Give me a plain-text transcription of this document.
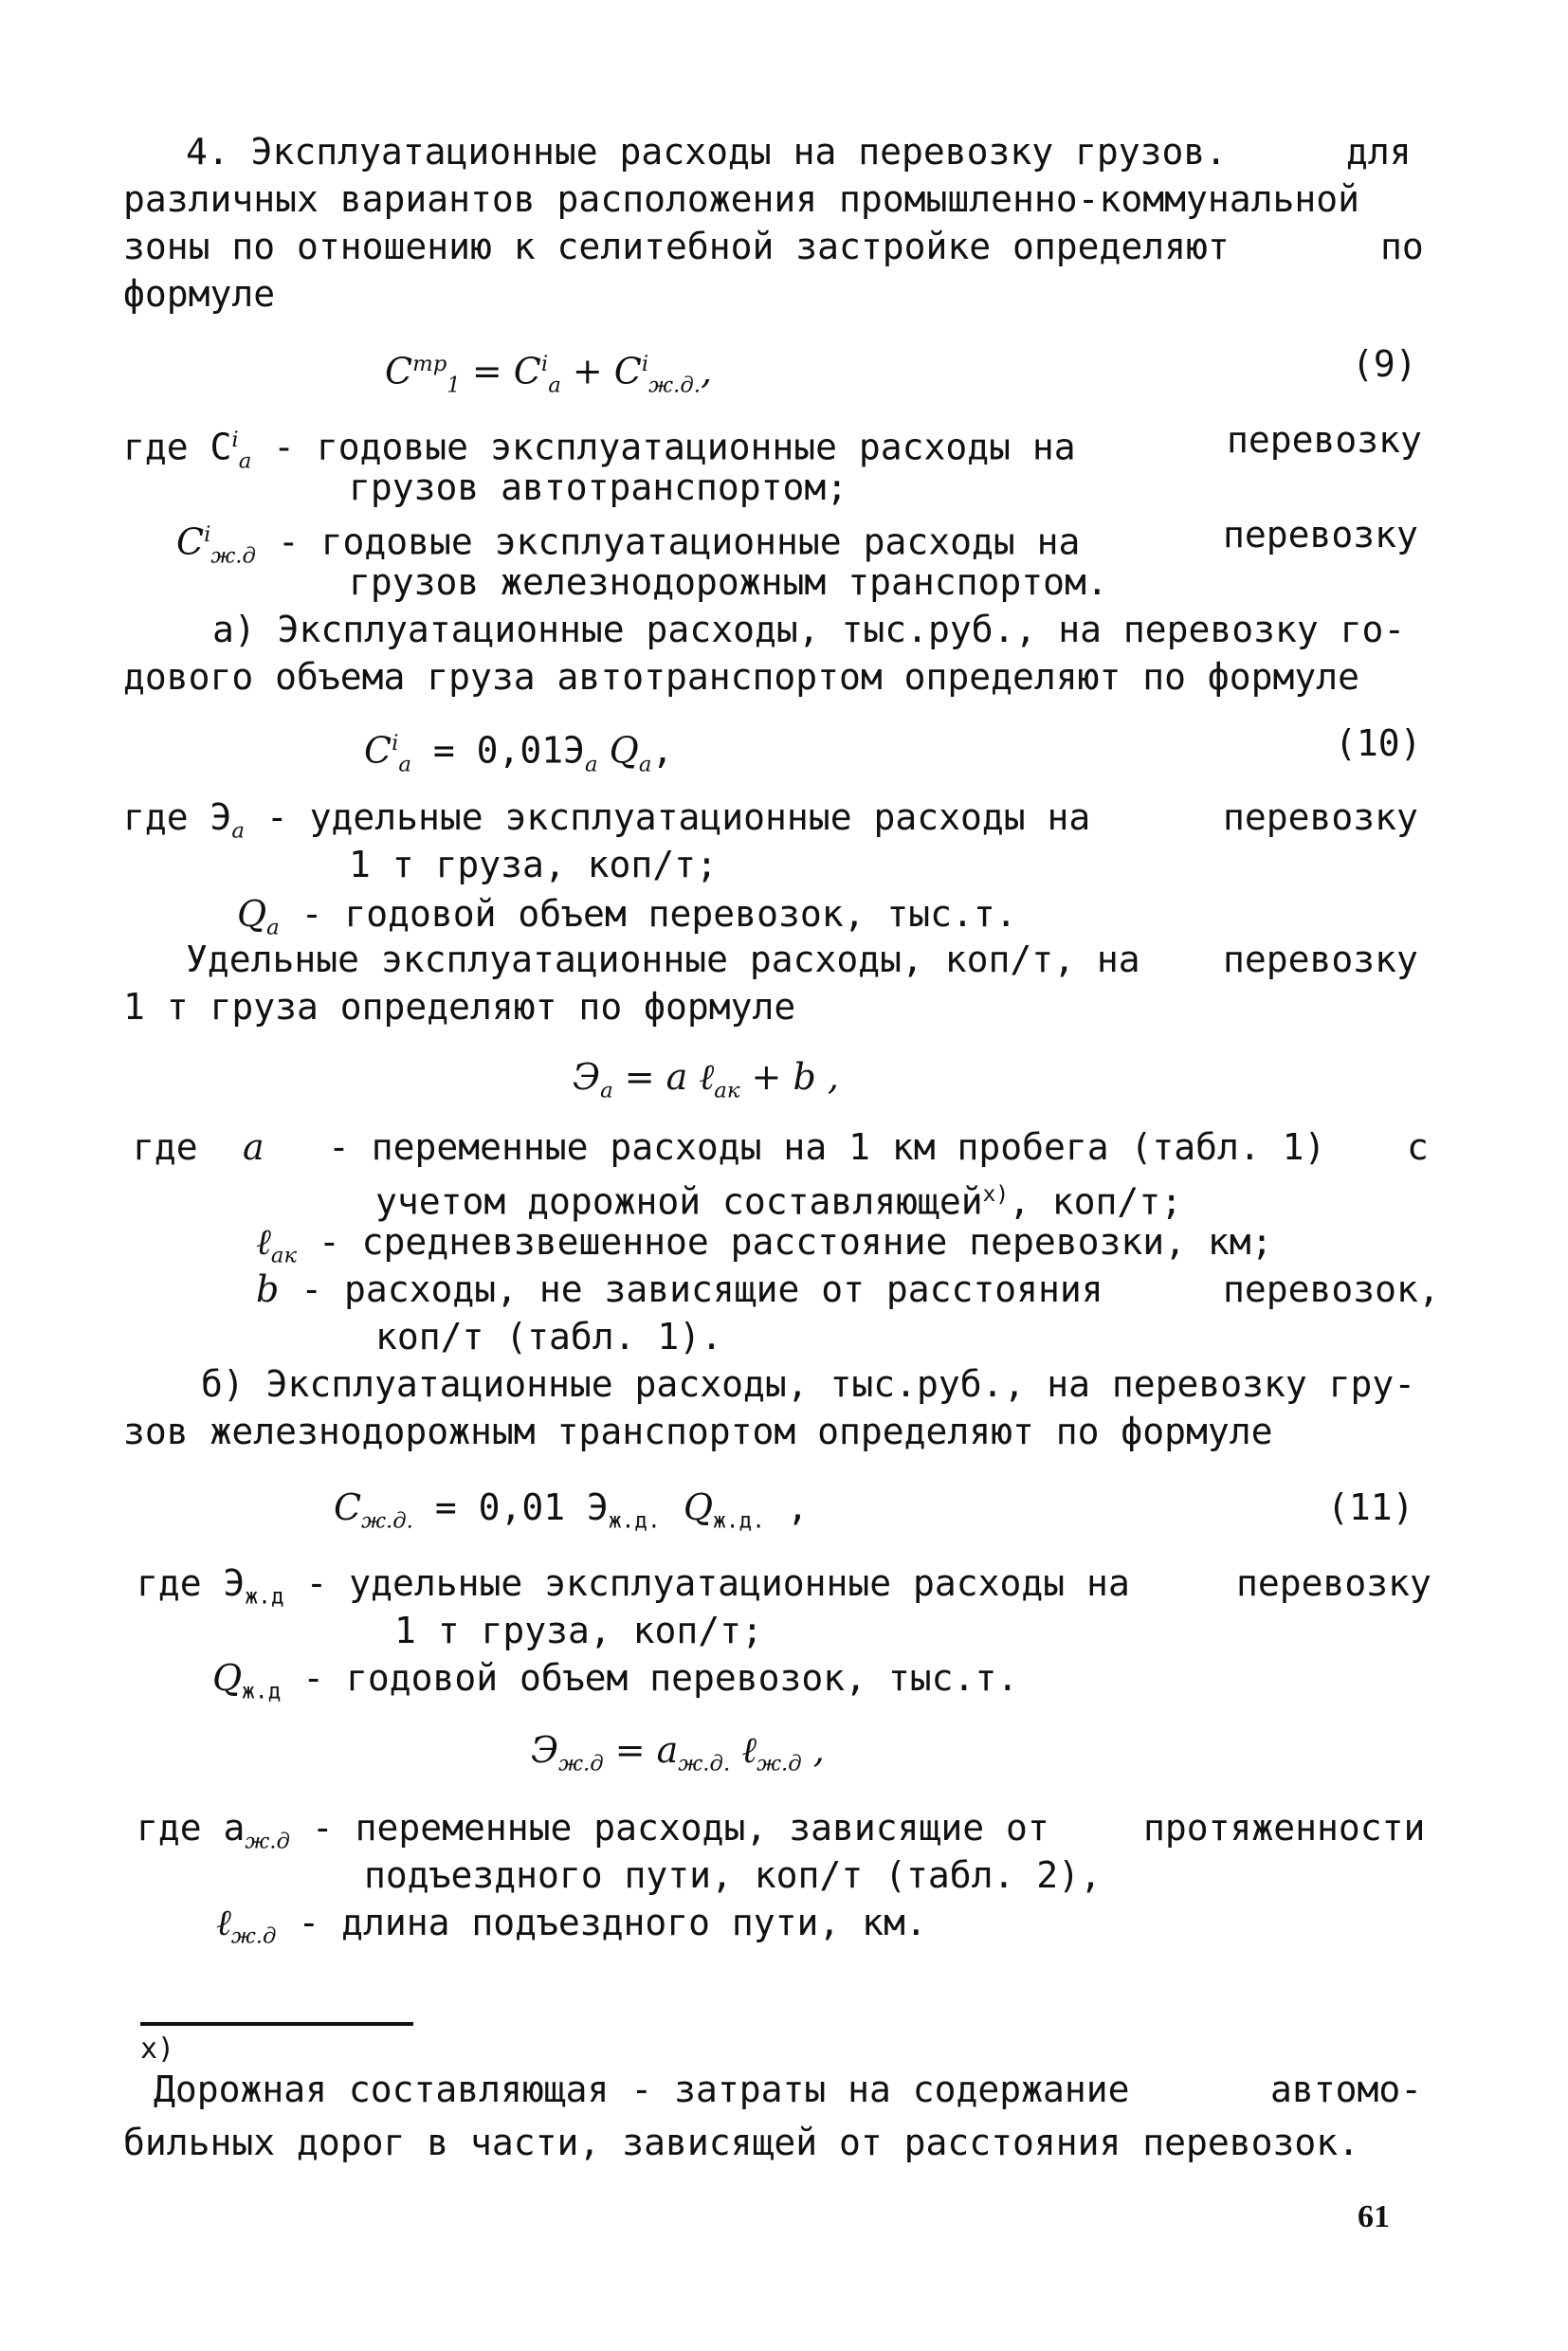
4. Эксплуатационные расходы на перевозку грузов.	для
различных вариантов расположения промышленно-коммунальной
зоны по отношению к селитебной застройке определяют	по
формуле
$C^{тр}_1 = C^i_a + C^i_{ж.д.}$,	(9)
где $C^i_a$ - годовые эксплуатационные расходы на	перевозку
грузов автотранспортом;
$C^i_{ж.д}$ - годовые эксплуатационные расходы на	перевозку
грузов железнодорожным транспортом.
а) Эксплуатационные расходы, тыс.руб., на перевозку го-
дового объема груза автотранспортом определяют по формуле
$C^i_a = 0,01Э_a$ $Q_a$,	(10)
где $Э_a$ - удельные эксплуатационные расходы на	перевозку
1 т груза, коп/т;
$Q_a$ - годовой объем перевозок, тыс.т.
Удельные эксплуатационные расходы, коп/т, на перевозку
1 т груза определяют по формуле
$Э_a = a$ ℓ$_{ак}$ + b ,
где a - переменные расходы на 1 км пробега (табл. 1) с
учетом дорожной составляющей$^{x)}$, коп/т;
ℓ$_{ак}$ - средневзвешенное расстояние перевозки, км;
b - расходы, не зависящие от расстояния	перевозок,
коп/т (табл. 1).
б) Эксплуатационные расходы, тыс.руб., на перевозку гру-
зов железнодорожным транспортом определяют по формуле
$C_{ж.д.} = 0,01$ $Э_{ж.д.}$  $Q_{ж.д.}$ ,	(11)
где $Э_{ж.д}$ - удельные эксплуатационные расходы на	перевозку
1 т груза, коп/т;
$Q_{ж.д}$ - годовой объем перевозок, тыс.т.
$Э_{ж.д} = a_{ж.д.}$ ℓ$_{ж.д}$ ,
где $a_{ж.д}$ - переменные расходы, зависящие от	протяженности
подъездного пути, коп/т (табл. 2),
ℓ$_{ж.д}$ - длина подъездного пути, км.
x)
Дорожная составляющая - затраты на содержание	автомо-
бильных дорог в части, зависящей от расстояния перевозок.
61
